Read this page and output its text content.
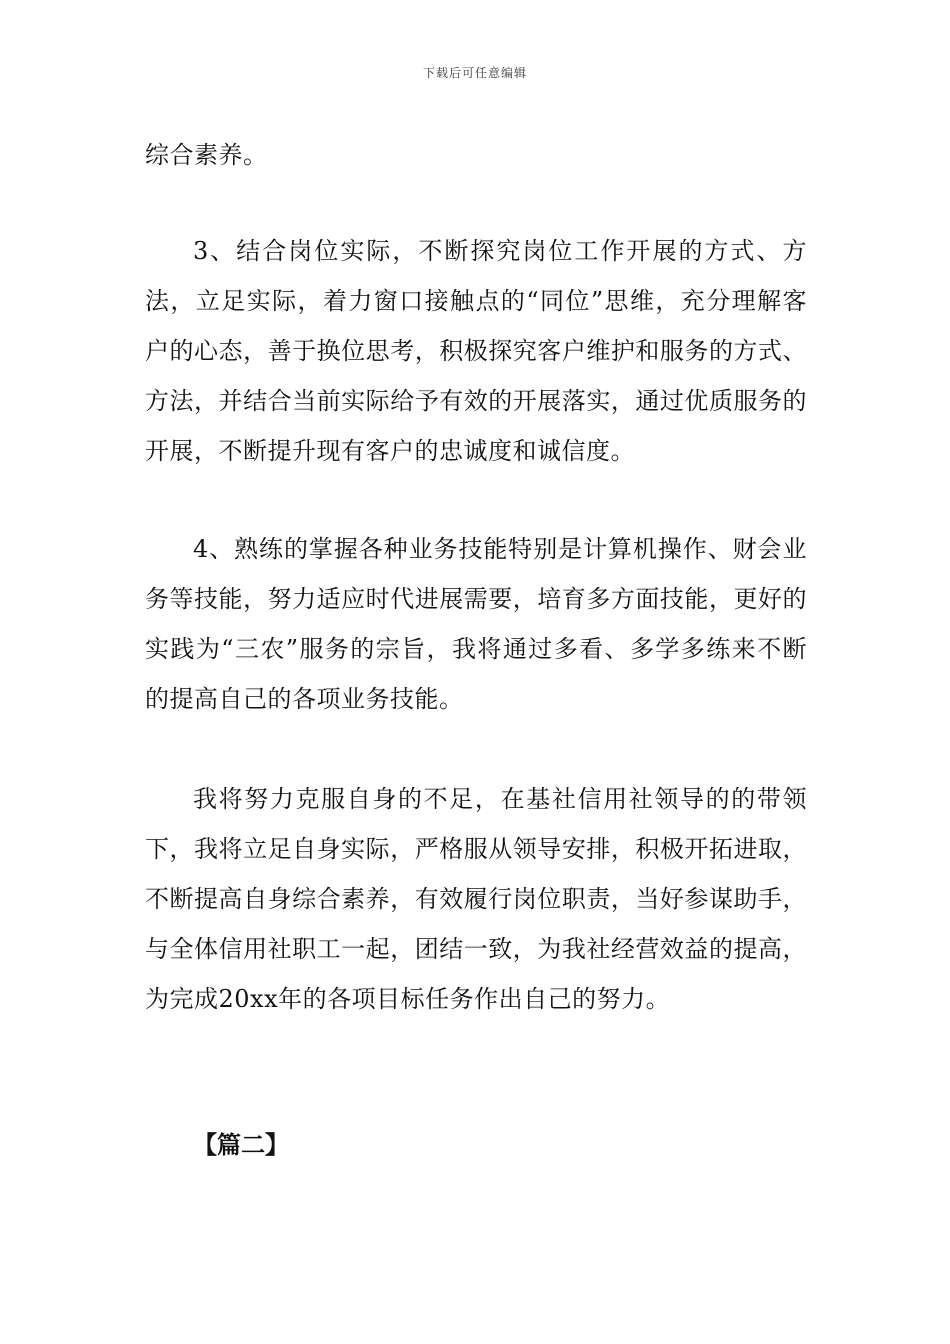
下载后可任意编辑

综合素养。

3、结合岗位实际，不断探究岗位工作开展的方式、方法，立足实际，着力窗口接触点的“同位”思维，充分理解客户的心态，善于换位思考，积极探究客户维护和服务的方式、方法，并结合当前实际给予有效的开展落实，通过优质服务的开展，不断提升现有客户的忠诚度和诚信度。

4、熟练的掌握各种业务技能特别是计算机操作、财会业务等技能，努力适应时代进展需要，培育多方面技能，更好的实践为“三农”服务的宗旨，我将通过多看、多学多练来不断的提高自己的各项业务技能。

我将努力克服自身的不足，在基社信用社领导的的带领下，我将立足自身实际，严格服从领导安排，积极开拓进取，不断提高自身综合素养，有效履行岗位职责，当好参谋助手，与全体信用社职工一起，团结一致，为我社经营效益的提高，为完成20xx年的各项目标任务作出自己的努力。

【篇二】
